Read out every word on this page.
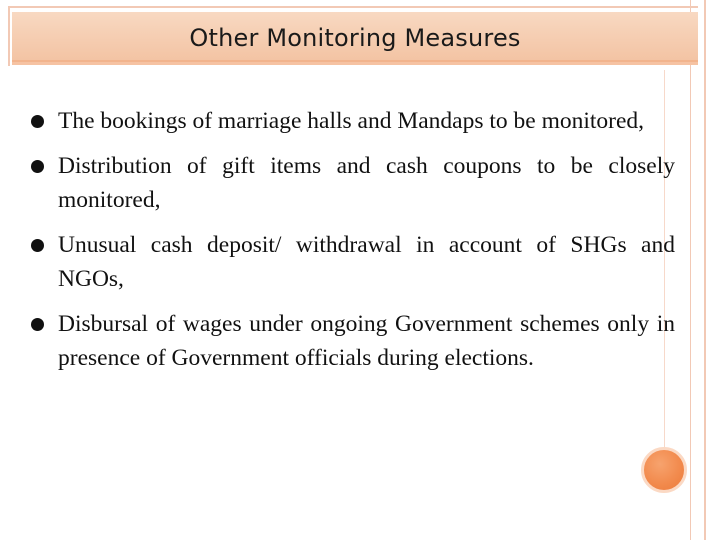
Other Monitoring Measures
The bookings of marriage halls and Mandaps to be monitored,
Distribution of gift items and cash coupons to be closely monitored,
Unusual cash deposit/ withdrawal in account of SHGs and NGOs,
Disbursal of wages under ongoing Government schemes only in presence of Government officials during elections.
